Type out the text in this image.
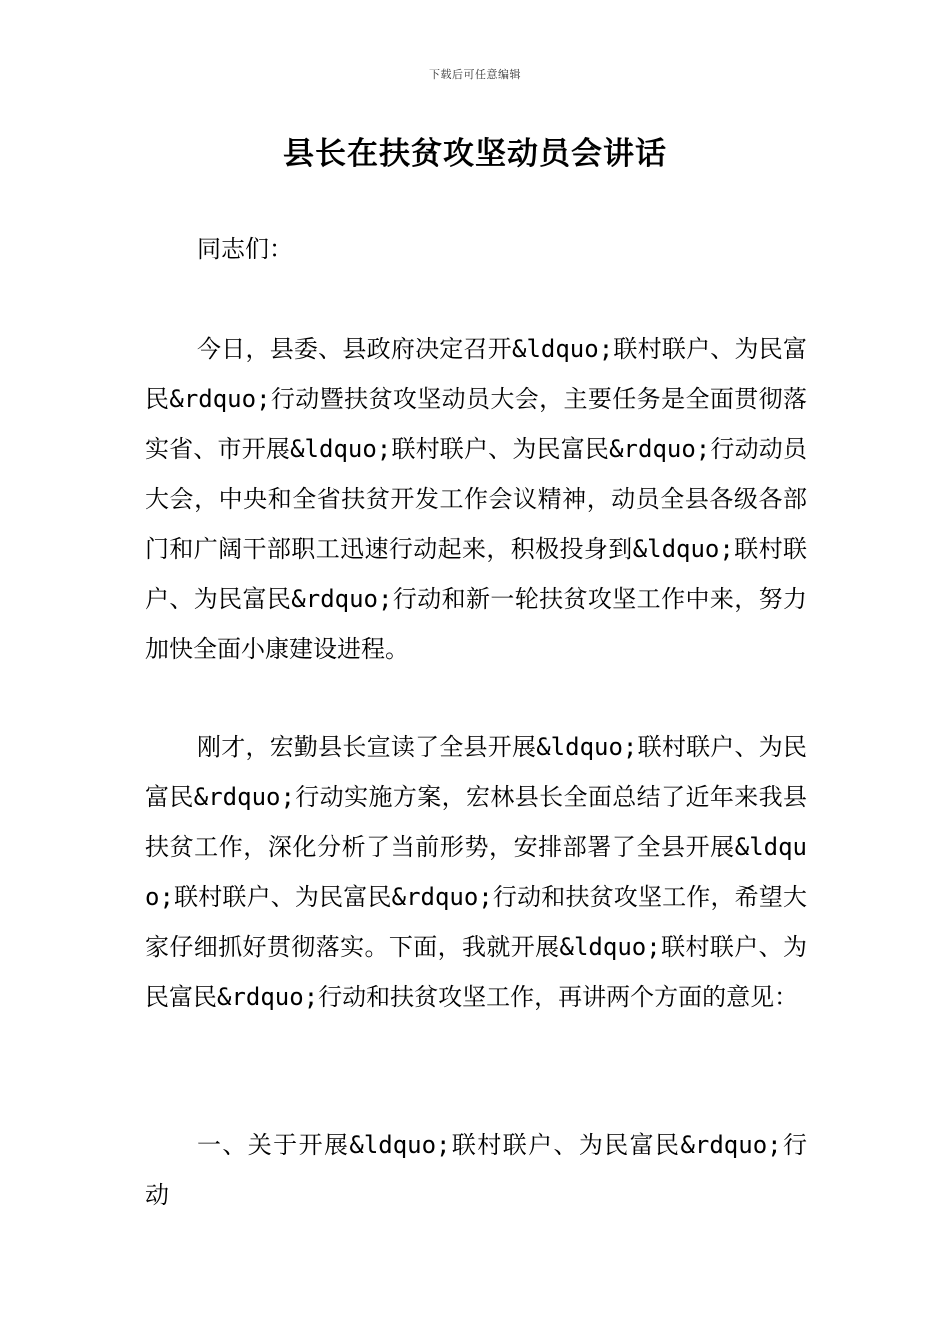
下载后可任意编辑
县长在扶贫攻坚动员会讲话

同志们：

今日，县委、县政府决定召开&ldquo;联村联户、为民富民&rdquo;行动暨扶贫攻坚动员大会，主要任务是全面贯彻落实省、市开展&ldquo;联村联户、为民富民&rdquo;行动动员大会，中央和全省扶贫开发工作会议精神，动员全县各级各部门和广阔干部职工迅速行动起来，积极投身到&ldquo;联村联户、为民富民&rdquo;行动和新一轮扶贫攻坚工作中来，努力加快全面小康建设进程。

刚才，宏勤县长宣读了全县开展&ldquo;联村联户、为民富民&rdquo;行动实施方案，宏林县长全面总结了近年来我县扶贫工作，深化分析了当前形势，安排部署了全县开展&ldquo;联村联户、为民富民&rdquo;行动和扶贫攻坚工作，希望大家仔细抓好贯彻落实。下面，我就开展&ldquo;联村联户、为民富民&rdquo;行动和扶贫攻坚工作，再讲两个方面的意见：

一、关于开展&ldquo;联村联户、为民富民&rdquo;行动
